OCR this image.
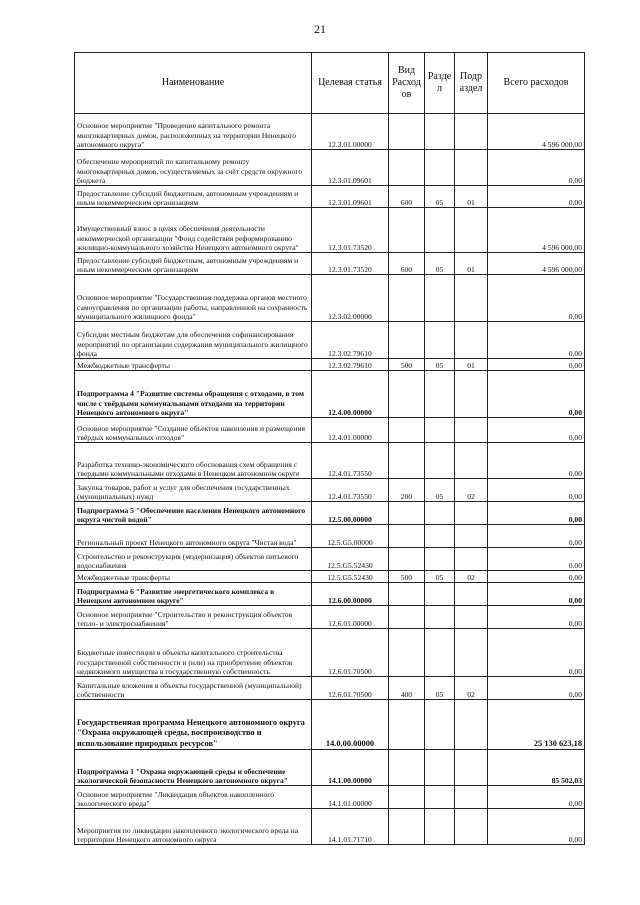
21
Наименование	Целевая статья	Вид Расход ов	Разде л	Подр аздел	Всего расходов
Основное мероприятие "Проведение капитального ремонта многоквартирных домов, расположенных на территории Ненецкого автономного округа"	12.3.01.00000				4 596 000,00
Обеспечение мероприятий по капитальному ремонту многоквартирных домов, осуществляемых за счёт средств окружного бюджета	12.3.01.09601				0,00
Предоставление субсидий бюджетным, автономным учреждениям и иным некоммерческим организациям	12.3.01.09601	600	05	01	0,00
Имущественный взнос в целях обеспечения деятельности некоммерческой организации "Фонд содействия реформированию жилищно-коммунального хозяйства Ненецкого автономного округа"	12.3.01.73520				4 596 000,00
Предоставление субсидий бюджетным, автономным учреждениям и иным некоммерческим организациям	12.3.01.73520	600	05	01	4 596 000,00
Основное мероприятие "Государственная поддержка органов местного самоуправления по организации работы, направленной на сохранность муниципального жилищного фонда"	12.3.02.00000				0,00
Субсидии местным бюджетам для обеспечения софинансирования мероприятий по организации содержания муниципального жилищного фонда	12.3.02.79610				0,00
Межбюджетные трансферты	12.3.02.79610	500	05	01	0,00
Подпрограмма 4 "Развитие системы обращения с отходами, в том числе с твёрдыми коммунальными отходами на территории Ненецкого автономного округа"	12.4.00.00000				0,00
Основное мероприятие "Создание объектов накопления и размещения твёрдых коммунальных отходов"	12.4.01.00000				0,00
Разработка технико-экономического обоснования схем обращения с твердыми коммунальными отходами в Ненецком автономном округе	12.4.01.73550				0,00
Закупка товаров, работ и услуг для обеспечения государственных (муниципальных) нужд	12.4.01.73550	200	05	02	0,00
Подпрограмма 5 "Обеспечение населения Ненецкого автономного округа чистой водой"	12.5.00.00000				0,00
Региональный проект Ненецкого автономного округа "Чистая вода"	12.5.G5.00000				0,00
Строительство и реконструкция (модернизация) объектов питьевого водоснабжения	12.5.G5.52430				0,00
Межбюджетные трансферты	12.5.G5.52430	500	05	02	0,00
Подпрограмма 6 "Развитие энергетического комплекса в Ненецком автономном округе"	12.6.00.00000				0,00
Основное мероприятие "Строительство и реконструкция объектов тепло- и электроснабжения"	12.6.01.00000				0,00
Бюджетные инвестиции в объекты капитального строительства государственной собственности и (или) на приобретение объектов недвижимого имущества в государственную собственность	12.6.01.70500				0,00
Капитальные вложения в объекты государственной (муниципальной) собственности	12.6.01.70500	400	05	02	0,00
Государственная программа Ненецкого автономного округа "Охрана окружающей среды, воспроизводство и использование природных ресурсов"	14.0.00.00000				25 130 623,18
Подпрограмма 1 "Охрана окружающей среды и обеспечение экологической безопасности Ненецкого автономного округа"	14.1.00.00000				85 502,03
Основное мероприятие "Ликвидация объектов накопленного экологического вреда"	14.1.01.00000				0,00
Мероприятия по ликвидации накопленного экологического вреда на территории Ненецкого автономного округа	14.1.01.71710				0,00
